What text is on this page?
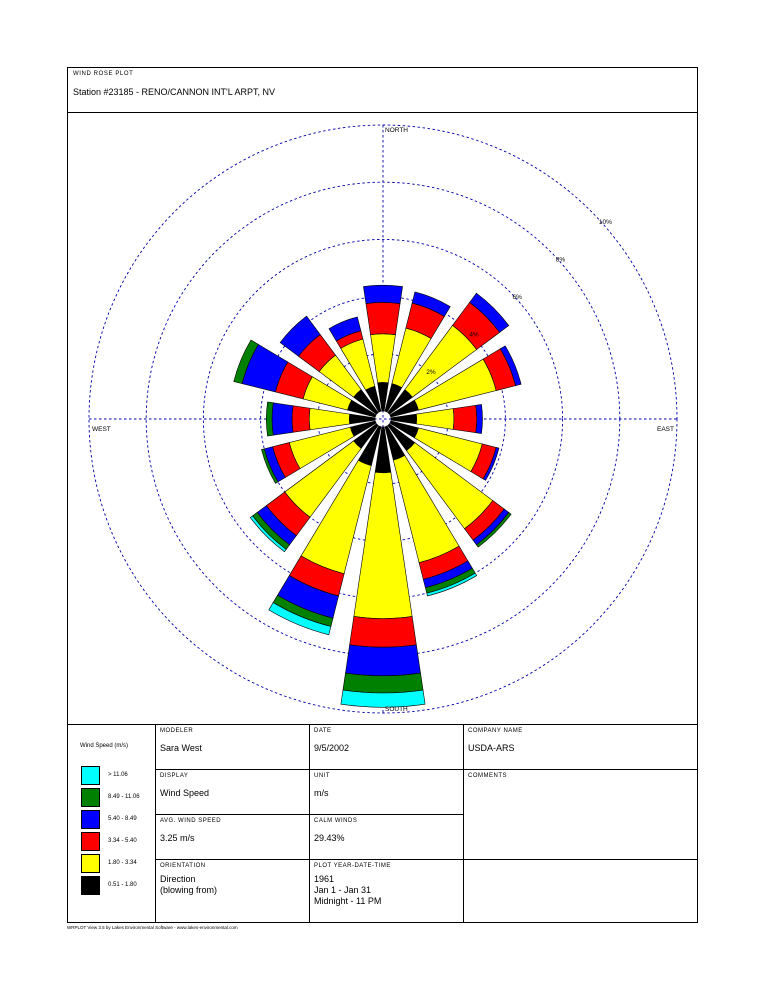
WIND ROSE PLOT
Station #23185 - RENO/CANNON INT'L ARPT, NV
2%
4%
6%
8%
10%
NORTH
SOUTH
EAST
WEST
Wind Speed (m/s)
> 11.06
8.49 - 11.06
5.40 - 8.49
3.34 - 5.40
1.80 - 3.34
0.51 - 1.80
MODELER
Sara West
DATE
9/5/2002
COMPANY NAME
USDA-ARS
DISPLAY
Wind Speed
UNIT
m/s
COMMENTS
AVG. WIND SPEED
3.25 m/s
CALM WINDS
29.43%
ORIENTATION
Direction
(blowing from)
PLOT YEAR-DATE-TIME
1961
Jan 1 - Jan 31
Midnight - 11 PM
WRPLOT View 3.5 by Lakes Environmental Software - www.lakes-environmental.com
